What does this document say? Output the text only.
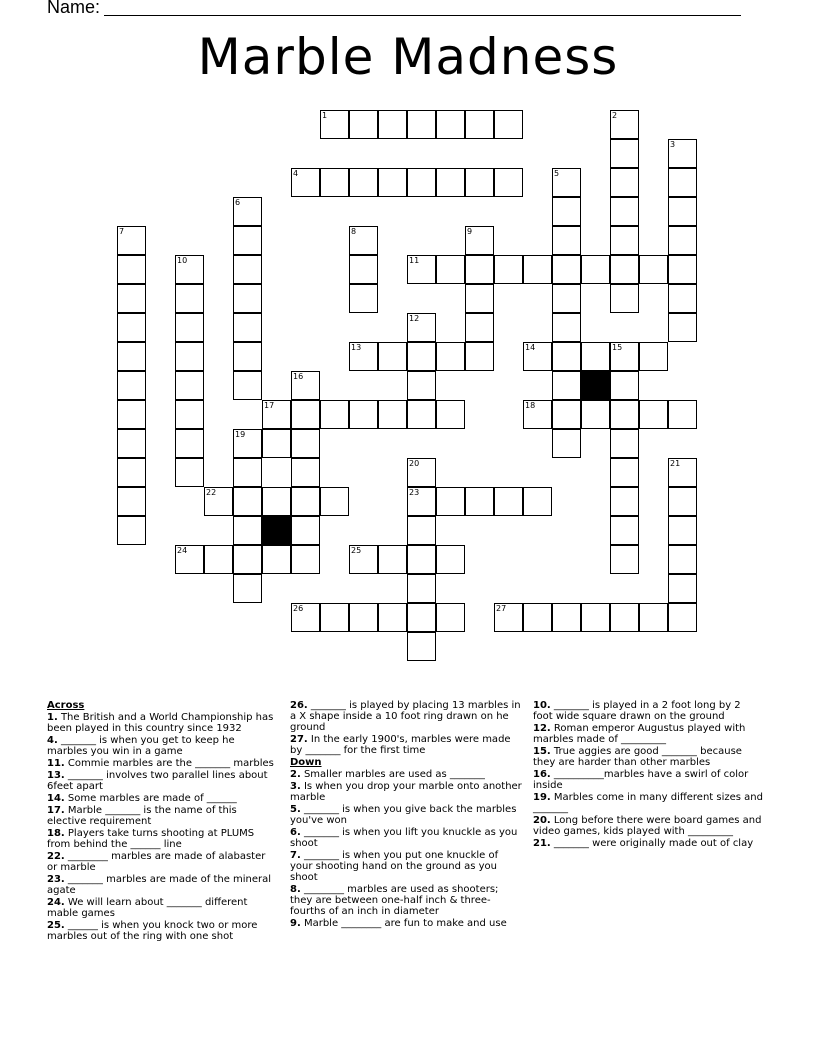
Name:
Marble Madness
1	2
3
4	5
6
7	8	9
10	11
12
13	14	15
16
17	18
19
20	21
22	23
24	25
26	27
Across
1. The British and a World Championship has been played in this country since 1932
4. _______ is when you get to keep he marbles you win in a game
11. Commie marbles are the _______ marbles
13. _______ involves two parallel lines about 6feet apart
14. Some marbles are made of ______
17. Marble _______ is the name of this elective requirement
18. Players take turns shooting at PLUMS from behind the ______ line
22. ________ marbles are made of alabaster or marble
23. _______ marbles are made of the mineral agate
24. We will learn about _______ different mable games
25. ______ is when you knock two or more marbles out of the ring with one shot
26. _______ is played by placing 13 marbles in a X shape inside a 10 foot ring drawn on he ground
27. In the early 1900's, marbles were made by _______ for the first time
Down
2. Smaller marbles are used as _______
3. Is when you drop your marble onto another marble
5. _______ is when you give back the marbles you've won
6. _______ is when you lift you knuckle as you shoot
7. _______ is when you put one knuckle of your shooting hand on the ground as you shoot
8. ________ marbles are used as shooters; they are between one-half inch & three-fourths of an inch in diameter
9. Marble ________ are fun to make and use
10. _______ is played in a 2 foot long by 2 foot wide square drawn on the ground
12. Roman emperor Augustus played with marbles made of _________
15. True aggies are good _______ because they are harder than other marbles
16. __________marbles have a swirl of color inside
19. Marbles come in many different sizes and _______
20. Long before there were board games and video games, kids played with _________
21. _______ were originally made out of clay
